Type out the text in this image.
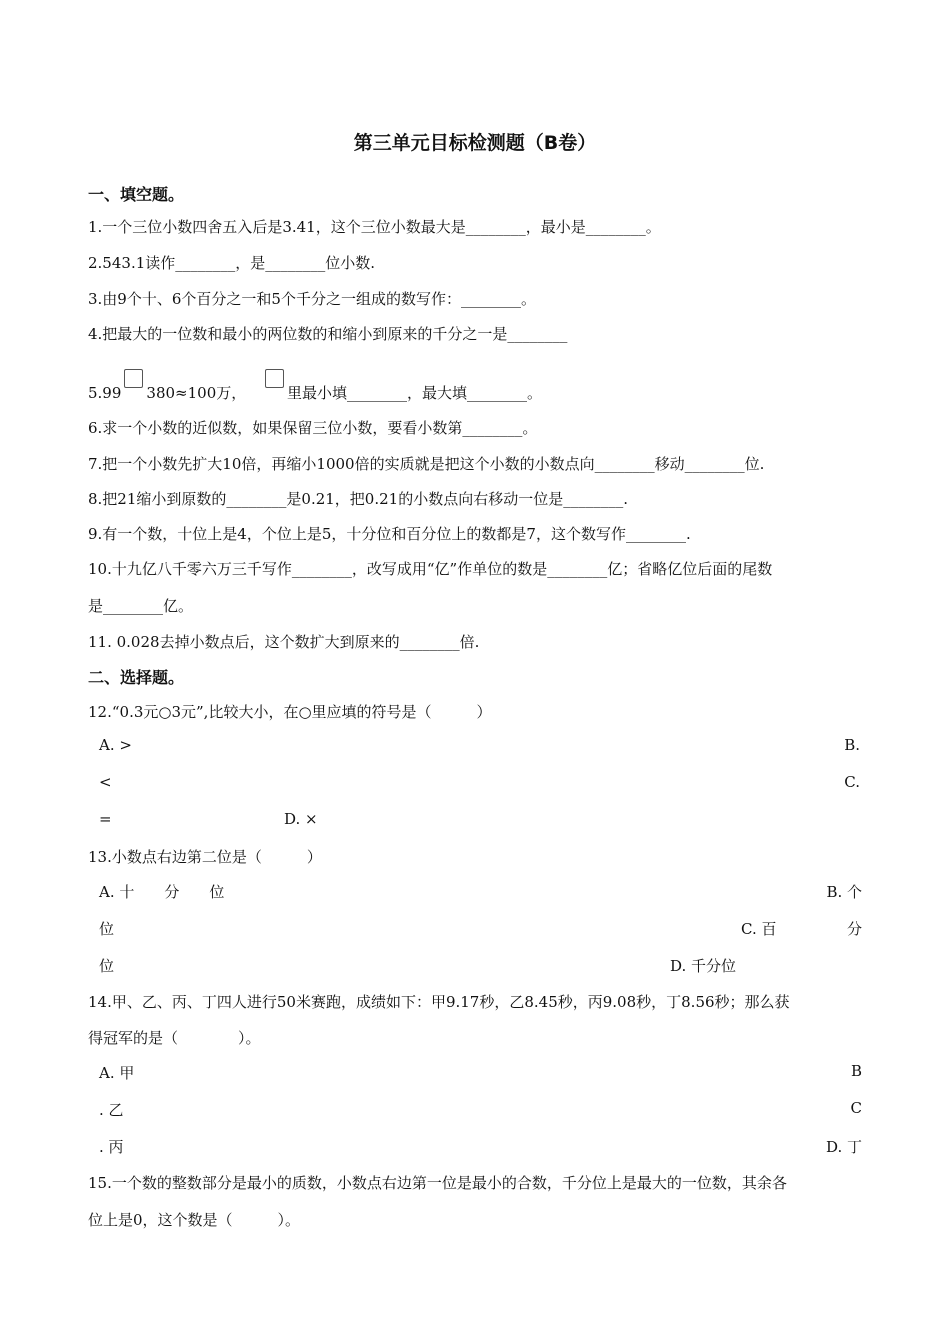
第三单元目标检测题（B卷）
一、填空题。
1.一个三位小数四舍五入后是3.41，这个三位小数最大是________，最小是________。
2.543.1读作________，是________位小数.
3.由9个十、6个百分之一和5个千分之一组成的数写作：________。
4.把最大的一位数和最小的两位数的和缩小到原来的千分之一是________
5.99 380≈100万，	里最小填________，最大填________。
6.求一个小数的近似数，如果保留三位小数，要看小数第________。
7.把一个小数先扩大10倍，再缩小1000倍的实质就是把这个小数的小数点向________移动________位.
8.把21缩小到原数的________是0.21，把0.21的小数点向右移动一位是________.
9.有一个数，十位上是4，个位上是5，十分位和百分位上的数都是7，这个数写作________.
10.十九亿八千零六万三千写作________，改写成用“亿”作单位的数是________亿；省略亿位后面的尾数
是________亿。
11. 0.028去掉小数点后，这个数扩大到原来的________倍.
二、选择题。
12.“0.3元○3元”,比较大小，在○里应填的符号是（　　　）
A. >	B.
<	C.
=	D. ×
13.小数点右边第二位是（　　　）
A. 十　　分　　位	B. 个
位	C. 百	分
位	D. 千分位
14.甲、乙、丙、丁四人进行50米赛跑，成绩如下：甲9.17秒，乙8.45秒，丙9.08秒，丁8.56秒；那么获
得冠军的是（　　　　）。
A. 甲	B
. 乙	C
. 丙	D. 丁
15.一个数的整数部分是最小的质数，小数点右边第一位是最小的合数，千分位上是最大的一位数，其余各
位上是0，这个数是（　　　）。
